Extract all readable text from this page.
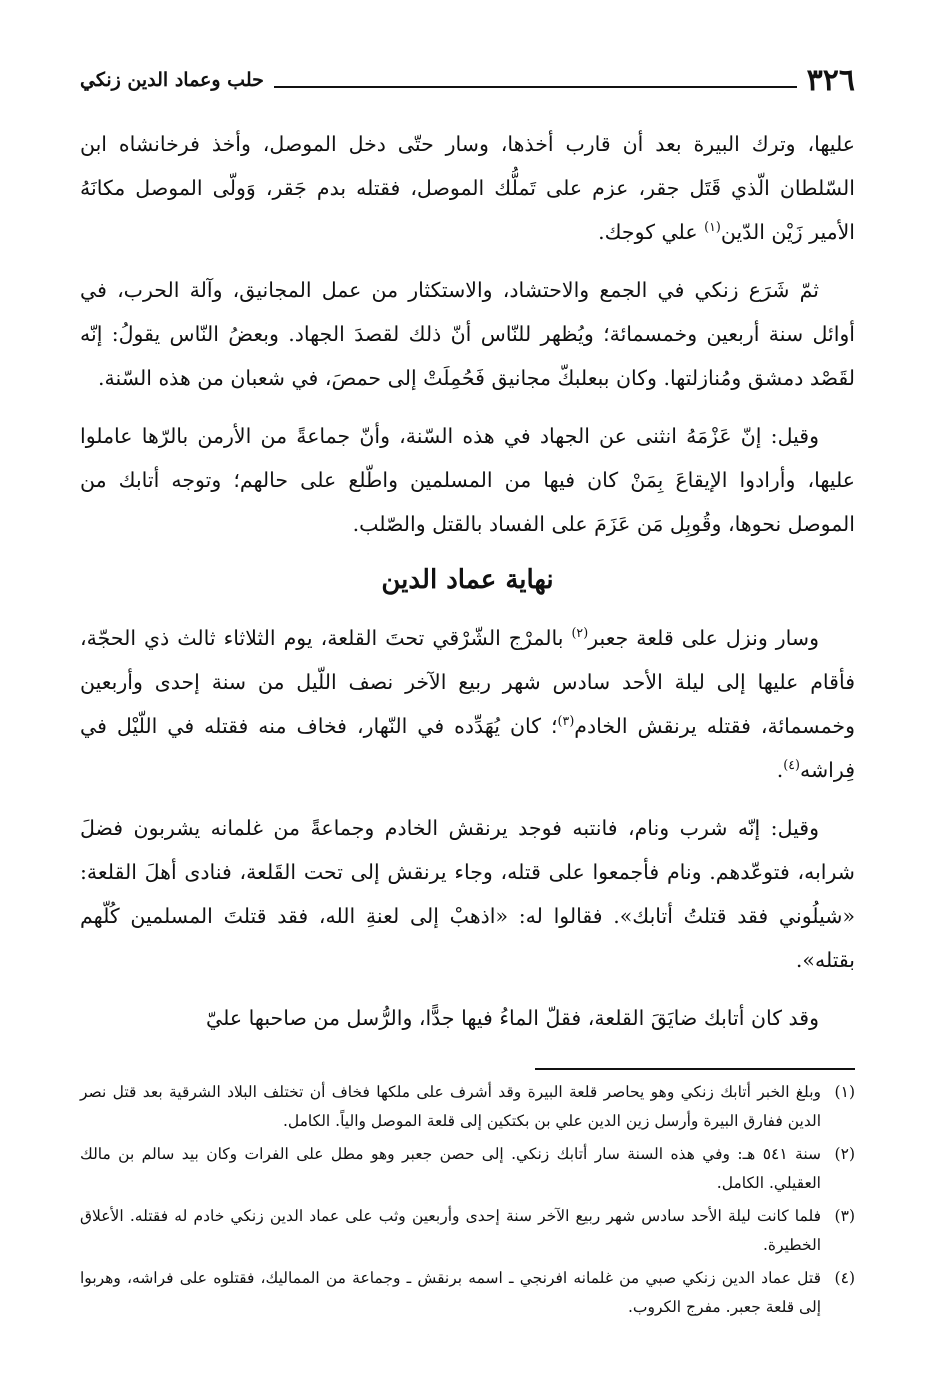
٣٢٦
حلب وعماد الدين زنكي

عليها، وترك البيرة بعد أن قارب أخذها، وسار حتّى دخل الموصل، وأخذ فرخانشاه ابن السّلطان الّذي قَتَل جقر، عزم على تَملُّك الموصل، فقتله بدم جَقر، وَولّى الموصل مكانَهُ الأمير زَيْن الدّين$^{(١)}$ علي كوجك.

ثمّ شَرَع زنكي في الجمع والاحتشاد، والاستكثار من عمل المجانيق، وآلة الحرب، في أوائل سنة أربعين وخمسمائة؛ ويُظهر للنّاس أنّ ذلك لقصدَ الجهاد. وبعضُ النّاس يقولُ: إنّه لقَصْد دمشق ومُنازلتها. وكان ببعلبكّ مجانيق فَحُمِلَتْ إلى حمصَ، في شعبان من هذه السّنة.

وقيل: إنّ عَزْمَهُ انثنى عن الجهاد في هذه السّنة، وأنّ جماعةً من الأرمن بالرّها عاملوا عليها، وأرادوا الإيقاعَ بِمَنْ كان فيها من المسلمين واطّلع على حالهم؛ وتوجه أتابك من الموصل نحوها، وقُوبِل مَن عَزَمَ على الفساد بالقتل والصّلب.

نهاية عماد الدين

وسار ونزل على قلعة جعبر$^{(٢)}$ بالمرْج الشّرْقي تحتَ القلعة، يوم الثلاثاء ثالث ذي الحجّة، فأقام عليها إلى ليلة الأحد سادس شهر ربيع الآخر نصف اللّيل من سنة إحدى وأربعين وخمسمائة، فقتله يرنقش الخادم$^{(٣)}$؛ كان يُهَدِّده في النّهار، فخاف منه فقتله في اللّيْل في فِراشه$^{(٤)}$.

وقيل: إنّه شرب ونام، فانتبه فوجد يرنقش الخادم وجماعةً من غلمانه يشربون فضلَ شرابه، فتوعّدهم. ونام فأجمعوا على قتله، وجاء يرنقش إلى تحت القَلعة، فنادى أهلَ القلعة: «شيلُوني فقد قتلتُ أتابك». فقالوا له: «اذهبْ إلى لعنةِ الله، فقد قتلتَ المسلمين كُلّهم بقتله».

وقد كان أتابك ضايَقَ القلعة، فقلّ الماءُ فيها جدًّا، والرُّسل من صاحبها عليّ

(١)
وبلغ الخبر أتابك زنكي وهو يحاصر قلعة البيرة وقد أشرف على ملكها فخاف أن تختلف البلاد الشرقية بعد قتل نصر الدين ففارق البيرة وأرسل زين الدين علي بن بكتكين إلى قلعة الموصل والياً. الكامل.
(٢)
سنة ٥٤١ هـ: وفي هذه السنة سار أتابك زنكي. إلى حصن جعبر وهو مطل على الفرات وكان بيد سالم بن مالك العقيلي. الكامل.
(٣)
فلما كانت ليلة الأحد سادس شهر ربيع الآخر سنة إحدى وأربعين وثب على عماد الدين زنكي خادم له فقتله. الأعلاق الخطيرة.
(٤)
قتل عماد الدين زنكي صبي من غلمانه افرنجي ـ اسمه برنقش ـ وجماعة من المماليك، فقتلوه على فراشه، وهربوا إلى قلعة جعبر. مفرج الكروب.
